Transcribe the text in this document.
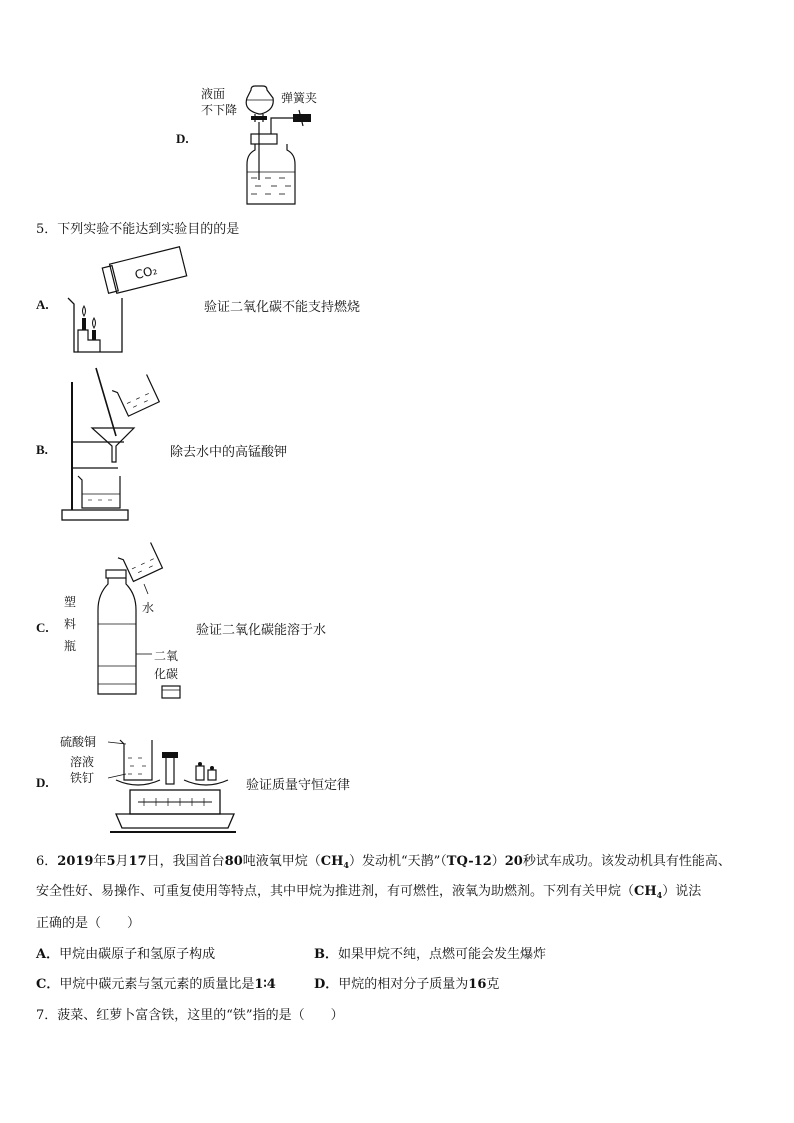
D.
液面
不下降
弹簧夹
5．下列实验不能达到实验目的的是
A.
CO₂
验证二氧化碳不能支持燃烧
B.	除去水中的高锰酸钾
C.
塑
料
瓶
水
二氧
化碳
验证二氧化碳能溶于水
D.
硫酸铜
溶液
铁钉	验证质量守恒定律
6．2019年5月17日，我国首台80吨液氧甲烷$(CH_4)$发动机“天鹊”（TQ-12）20秒试车成功。该发动机具有性能高、
安全性好、易操作、可重复使用等特点，其中甲烷为推进剂，有可燃性，液氧为助燃剂。下列有关甲烷$(CH_4)$说法
正确的是（　　）
A．甲烷由碳原子和氢原子构成	B．如果甲烷不纯，点燃可能会发生爆炸
C．甲烷中碳元素与氢元素的质量比是1∶4	D．甲烷的相对分子质量为16克
7．菠菜、红萝卜富含铁，这里的“铁”指的是（　　）
